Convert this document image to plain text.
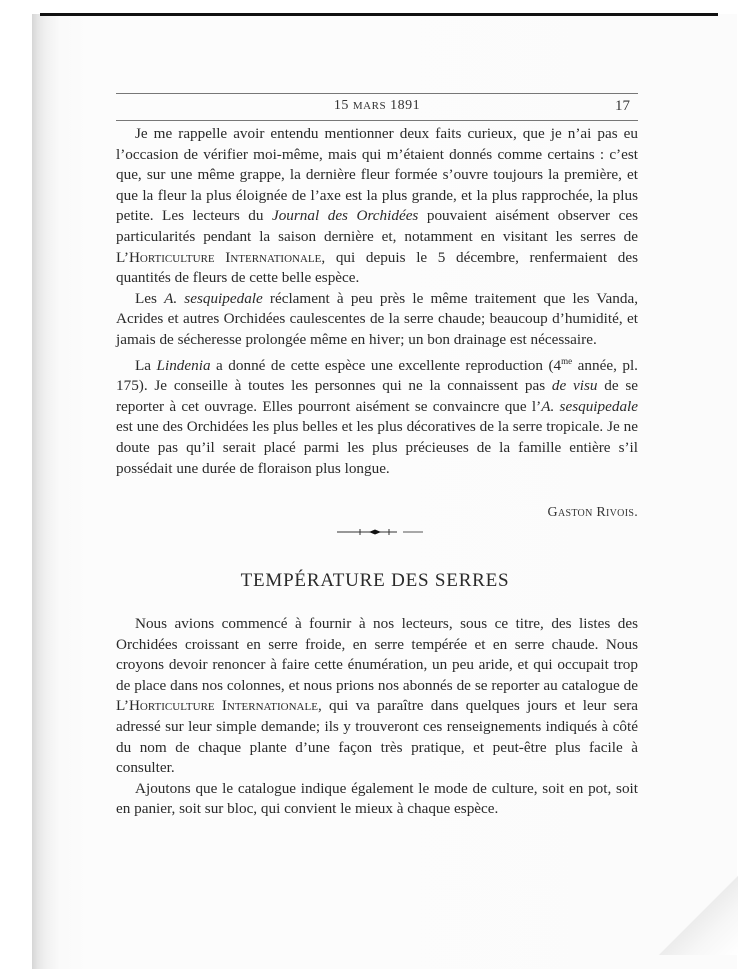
15 MARS 1891	17

Je me rappelle avoir entendu mentionner deux faits curieux, que je n’ai pas eu l’occasion de vérifier moi-même, mais qui m’étaient donnés comme certains : c’est que, sur une même grappe, la dernière fleur formée s’ouvre toujours la première, et que la fleur la plus éloignée de l’axe est la plus grande, et la plus rapprochée, la plus petite. Les lecteurs du Journal des Orchidées pouvaient aisément observer ces particularités pendant la saison dernière et, notamment en visitant les serres de L’Horticulture Internationale, qui depuis le 5 décembre, renfermaient des quantités de fleurs de cette belle espèce.

Les A. sesquipedale réclament à peu près le même traitement que les Vanda, Acrides et autres Orchidées caulescentes de la serre chaude; beaucoup d’humidité, et jamais de sécheresse prolongée même en hiver; un bon drainage est nécessaire.

La Lindenia a donné de cette espèce une excellente reproduction ($4^{me}$ année, pl. 175). Je conseille à toutes les personnes qui ne la connaissent pas de visu de se reporter à cet ouvrage. Elles pourront aisément se convaincre que l’A. sesquipedale est une des Orchidées les plus belles et les plus décoratives de la serre tropicale. Je ne doute pas qu’il serait placé parmi les plus précieuses de la famille entière s’il possédait une durée de floraison plus longue.

Gaston Rivois.
TEMPÉRATURE DES SERRES

Nous avions commencé à fournir à nos lecteurs, sous ce titre, des listes des Orchidées croissant en serre froide, en serre tempérée et en serre chaude. Nous croyons devoir renoncer à faire cette énumération, un peu aride, et qui occupait trop de place dans nos colonnes, et nous prions nos abonnés de se reporter au catalogue de L’Horticulture Internationale, qui va paraître dans quelques jours et leur sera adressé sur leur simple demande; ils y trouveront ces renseignements indiqués à côté du nom de chaque plante d’une façon très pratique, et peut-être plus facile à consulter.

Ajoutons que le catalogue indique également le mode de culture, soit en pot, soit en panier, soit sur bloc, qui convient le mieux à chaque espèce.
